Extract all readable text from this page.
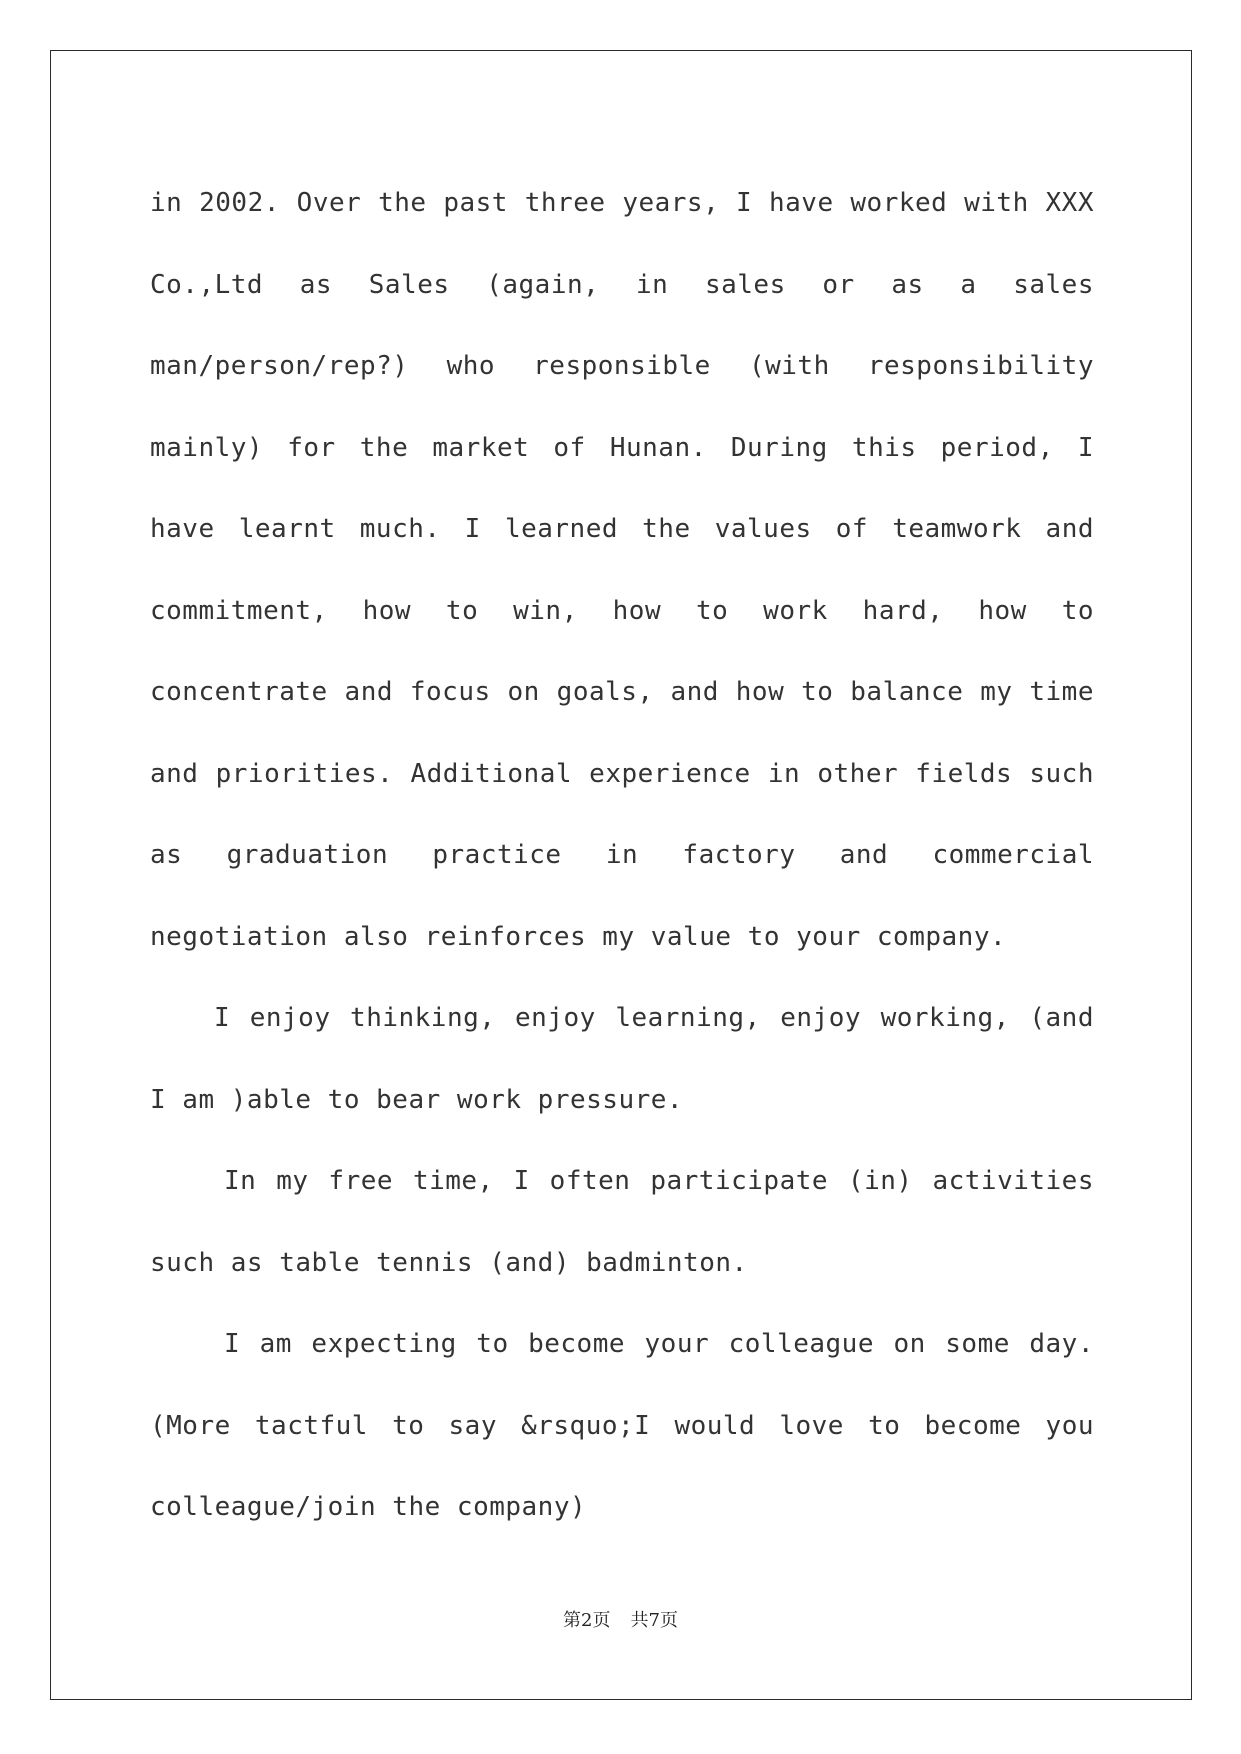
in 2002. Over the past three years, I have worked with XXX Co.,Ltd as Sales (again, in sales or as a sales man/person/rep?) who responsible (with responsibility mainly) for the market of Hunan. During this period, I have learnt much. I learned the values of teamwork and commitment, how to win, how to work hard, how to concentrate and focus on goals, and how to balance my time and priorities. Additional experience in other fields such as graduation practice in factory and commercial negotiation also reinforces my value to your company.

I enjoy thinking, enjoy learning, enjoy working, (and I am )able to bear work pressure.

In my free time, I often participate (in) activities such as table tennis (and) badminton.

I am expecting to become your colleague on some day. (More tactful to say &rsquo;I would love to become you colleague/join the company)

第2页 共7页
